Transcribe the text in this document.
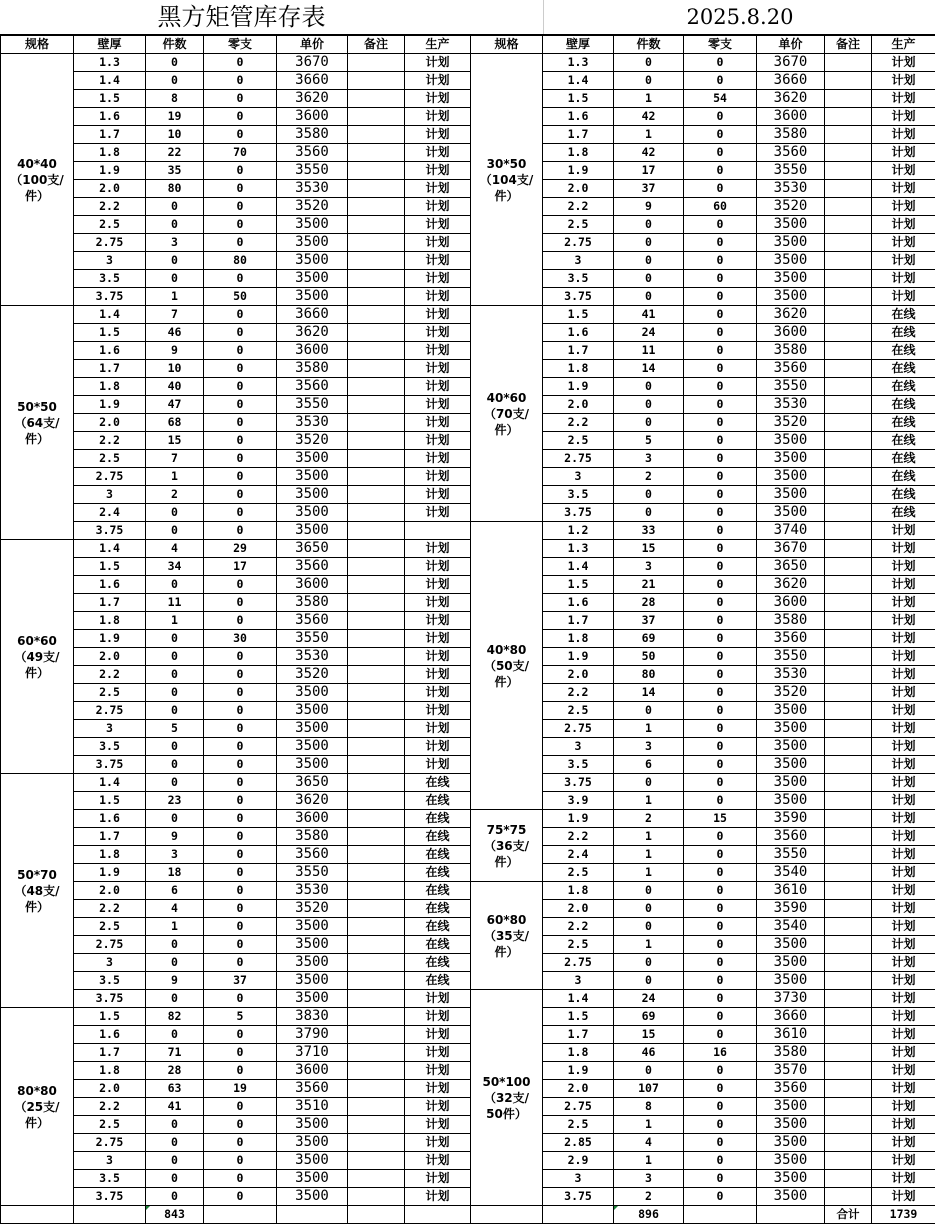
黑方矩管库存表	2025.8.20
规格	壁厚	件数	零支	单价	备注	生产	规格	壁厚	件数	零支	单价	备注	生产

40*40
（100支/
件）	1.3	0	0	3670		计划	30*50
（104支/
件）	1.3	0	0	3670		计划
	1.4	0	0	3660		计划		1.4	0	0	3660		计划
	1.5	8	0	3620		计划		1.5	1	54	3620		计划
	1.6	19	0	3600		计划		1.6	42	0	3600		计划
	1.7	10	0	3580		计划		1.7	1	0	3580		计划
	1.8	22	70	3560		计划		1.8	42	0	3560		计划
	1.9	35	0	3550		计划		1.9	17	0	3550		计划
	2.0	80	0	3530		计划		2.0	37	0	3530		计划
	2.2	0	0	3520		计划		2.2	9	60	3520		计划
	2.5	0	0	3500		计划		2.5	0	0	3500		计划
	2.75	3	0	3500		计划		2.75	0	0	3500		计划
	3	0	80	3500		计划		3	0	0	3500		计划
	3.5	0	0	3500		计划		3.5	0	0	3500		计划
	3.75	1	50	3500		计划		3.75	0	0	3500		计划

50*50
（64支/
件）	1.4	7	0	3660		计划	40*60
（70支/
件）	1.5	41	0	3620		在线
	1.5	46	0	3620		计划		1.6	24	0	3600		在线
	1.6	9	0	3600		计划		1.7	11	0	3580		在线
	1.7	10	0	3580		计划		1.8	14	0	3560		在线
	1.8	40	0	3560		计划		1.9	0	0	3550		在线
	1.9	47	0	3550		计划		2.0	0	0	3530		在线
	2.0	68	0	3530		计划		2.2	0	0	3520		在线
	2.2	15	0	3520		计划		2.5	5	0	3500		在线
	2.5	7	0	3500		计划		2.75	3	0	3500		在线
	2.75	1	0	3500		计划		3	2	0	3500		在线
	3	2	0	3500		计划		3.5	0	0	3500		在线
	2.4	0	0	3500		计划		3.75	0	0	3500		在线
	3.75	0	0	3500			40*80
（50支/
件）	1.2	33	0	3740		计划

60*60
（49支/
件）	1.4	4	29	3650		计划		1.3	15	0	3670		计划
	1.5	34	17	3560		计划		1.4	3	0	3650		计划
	1.6	0	0	3600		计划		1.5	21	0	3620		计划
	1.7	11	0	3580		计划		1.6	28	0	3600		计划
	1.8	1	0	3560		计划		1.7	37	0	3580		计划
	1.9	0	30	3550		计划		1.8	69	0	3560		计划
	2.0	0	0	3530		计划		1.9	50	0	3550		计划
	2.2	0	0	3520		计划		2.0	80	0	3530		计划
	2.5	0	0	3500		计划		2.2	14	0	3520		计划
	2.75	0	0	3500		计划		2.5	0	0	3500		计划
	3	5	0	3500		计划		2.75	1	0	3500		计划
	3.5	0	0	3500		计划		3	3	0	3500		计划
	3.75	0	0	3500		计划		3.5	6	0	3500		计划

50*70
（48支/
件）	1.4	0	0	3650		在线		3.75	0	0	3500		计划
	1.5	23	0	3620		在线		3.9	1	0	3500		计划
	1.6	0	0	3600		在线	75*75
（36支/
件）	1.9	2	15	3590		计划
	1.7	9	0	3580		在线		2.2	1	0	3560		计划
	1.8	3	0	3560		在线		2.4	1	0	3550		计划
	1.9	18	0	3550		在线		2.5	1	0	3540		计划
	2.0	6	0	3530		在线	60*80
（35支/
件）	1.8	0	0	3610		计划
	2.2	4	0	3520		在线		2.0	0	0	3590		计划
	2.5	1	0	3500		在线		2.2	0	0	3540		计划
	2.75	0	0	3500		在线		2.5	1	0	3500		计划
	3	0	0	3500		在线		2.75	0	0	3500		计划
	3.5	9	37	3500		在线		3	0	0	3500		计划
	3.75	0	0	3500		计划	50*100
（32支/
50件）	1.4	24	0	3730		计划

80*80
（25支/
件）	1.5	82	5	3830		计划		1.5	69	0	3660		计划
	1.6	0	0	3790		计划		1.7	15	0	3610		计划
	1.7	71	0	3710		计划		1.8	46	16	3580		计划
	1.8	28	0	3600		计划		1.9	0	0	3570		计划
	2.0	63	19	3560		计划		2.0	107	0	3560		计划
	2.2	41	0	3510		计划		2.75	8	0	3500		计划
	2.5	0	0	3500		计划		2.5	1	0	3500		计划
	2.75	0	0	3500		计划		2.85	4	0	3500		计划
	3	0	0	3500		计划		2.9	1	0	3500		计划
	3.5	0	0	3500		计划		3	3	0	3500		计划
	3.75	0	0	3500		计划		3.75	2	0	3500		计划
		843							896			合计	1739
